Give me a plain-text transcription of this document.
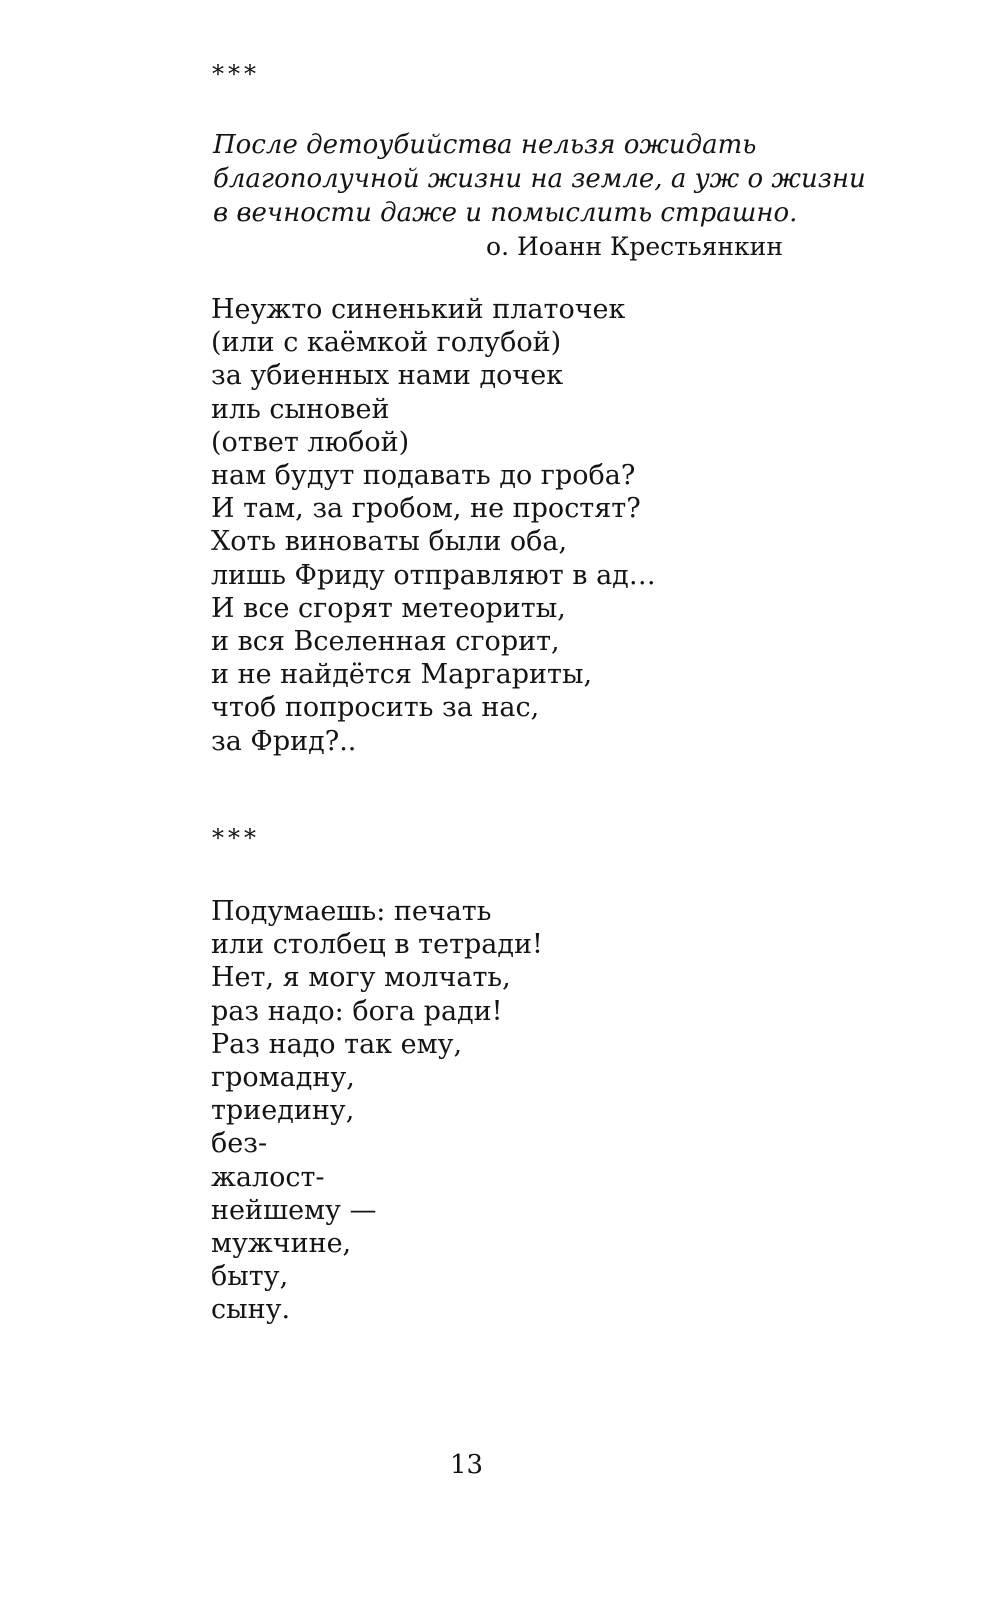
***
После детоубийства нельзя ожидать
благополучной жизни на земле, а уж о жизни
в вечности даже и помыслить страшно.
о. Иоанн Крестьянкин
Неужто синенький платочек
(или с каёмкой голубой)
за убиенных нами дочек
иль сыновей
(ответ любой)
нам будут подавать до гроба?
И там, за гробом, не простят?
Хоть виноваты были оба,
лишь Фриду отправляют в ад…
И все сгорят метеориты,
и вся Вселенная сгорит,
и не найдётся Маргариты,
чтоб попросить за нас,
за Фрид?..
***
Подумаешь: печать
или столбец в тетради!
Нет, я могу молчать,
раз надо: бога ради!
Раз надо так ему,
громадну,
триедину,
без-
жалост-
нейшему —
мужчине,
быту,
сыну.
13
